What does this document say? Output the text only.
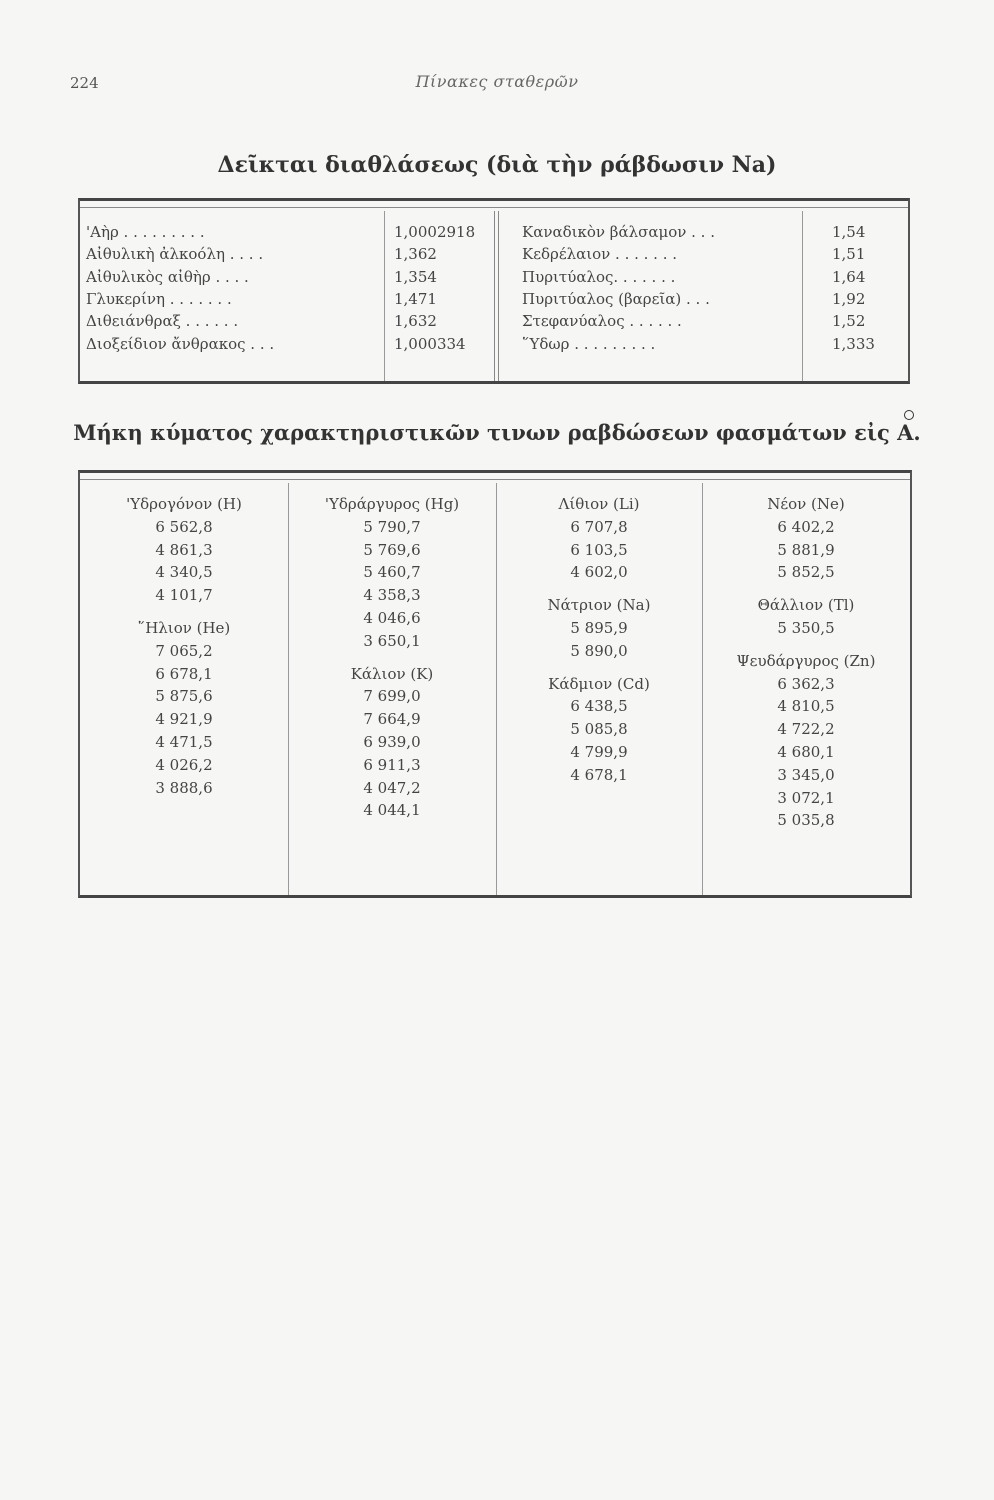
224	Πίνακες σταθερῶν
Δεῖκται διαθλάσεως (διὰ τὴν ράβδωσιν Na)
'Αὴρ . . . . . . . . .	1,0002918
Αἰθυλικὴ ἀλκοόλη . . . .	1,362
Αἰθυλικὸς αἰθὴρ . . . .	1,354
Γλυκερίνη . . . . . . .	1,471
Διθειάνθραξ . . . . . .	1,632
Διοξείδιον ἄνθρακος . . .	1,000334
Καναδικὸν βάλσαμον . . .	1,54
Κεδρέλαιον . . . . . . .	1,51
Πυριτύαλος. . . . . . .	1,64
Πυριτύαλος (βαρεῖα) . . .	1,92
Στεφανύαλος . . . . . .	1,52
῞Υδωρ . . . . . . . . .	1,333
Μήκη κύματος χαρακτηριστικῶν τινων ραβδώσεων φασμάτων εἰς Α.
'Υδρογόνον (H)
6 562,8
4 861,3
4 340,5
4 101,7
῞Ηλιον (He)
7 065,2
6 678,1
5 875,6
4 921,9
4 471,5
4 026,2
3 888,6
'Υδράργυρος (Hg)
5 790,7
5 769,6
5 460,7
4 358,3
4 046,6
3 650,1
Κάλιον (K)
7 699,0
7 664,9
6 939,0
6 911,3
4 047,2
4 044,1
Λίθιον (Li)
6 707,8
6 103,5
4 602,0
Νάτριον (Na)
5 895,9
5 890,0
Κάδμιον (Cd)
6 438,5
5 085,8
4 799,9
4 678,1
Νέον (Ne)
6 402,2
5 881,9
5 852,5
Θάλλιον (Tl)
5 350,5
Ψευδάργυρος (Zn)
6 362,3
4 810,5
4 722,2
4 680,1
3 345,0
3 072,1
5 035,8
